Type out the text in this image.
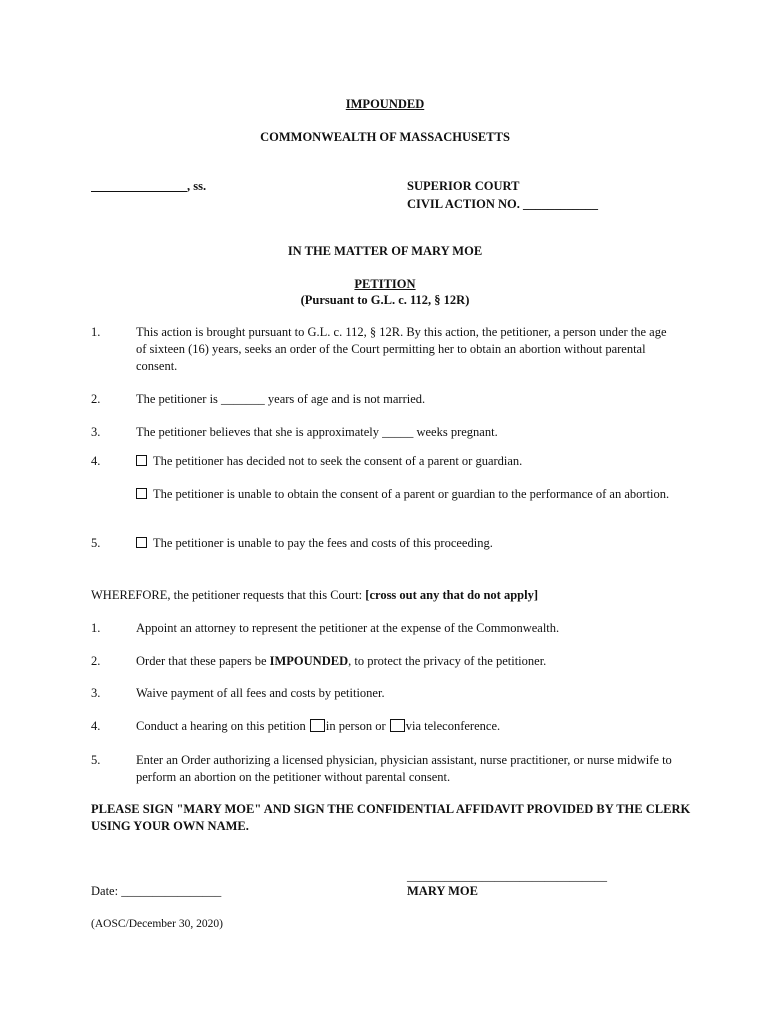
IMPOUNDED
COMMONWEALTH OF MASSACHUSETTS
, ss.	SUPERIOR COURT
CIVIL ACTION NO. ____________
IN THE MATTER OF MARY MOE
PETITION
(Pursuant to G.L. c. 112, § 12R)
1.	This action is brought pursuant to G.L. c. 112, § 12R. By this action, the petitioner, a person under the age of sixteen (16) years, seeks an order of the Court permitting her to obtain an abortion without parental consent.
2.	The petitioner is _______ years of age and is not married.
3.	The petitioner believes that she is approximately _____ weeks pregnant.
4.	The petitioner has decided not to seek the consent of a parent or guardian.
The petitioner is unable to obtain the consent of a parent or guardian to the performance of an abortion.
5.	The petitioner is unable to pay the fees and costs of this proceeding.
WHEREFORE, the petitioner requests that this Court: [cross out any that do not apply]
1.	Appoint an attorney to represent the petitioner at the expense of the Commonwealth.
2.	Order that these papers be IMPOUNDED, to protect the privacy of the petitioner.
3.	Waive payment of all fees and costs by petitioner.
4.	Conduct a hearing on this petition in person or via teleconference.
5.	Enter an Order authorizing a licensed physician, physician assistant, nurse practitioner, or nurse midwife to perform an abortion on the petitioner without parental consent.
PLEASE SIGN "MARY MOE" AND SIGN THE CONFIDENTIAL AFFIDAVIT PROVIDED BY THE CLERK USING YOUR OWN NAME.
________________________________
MARY MOE
Date: ________________
(AOSC/December 30, 2020)
